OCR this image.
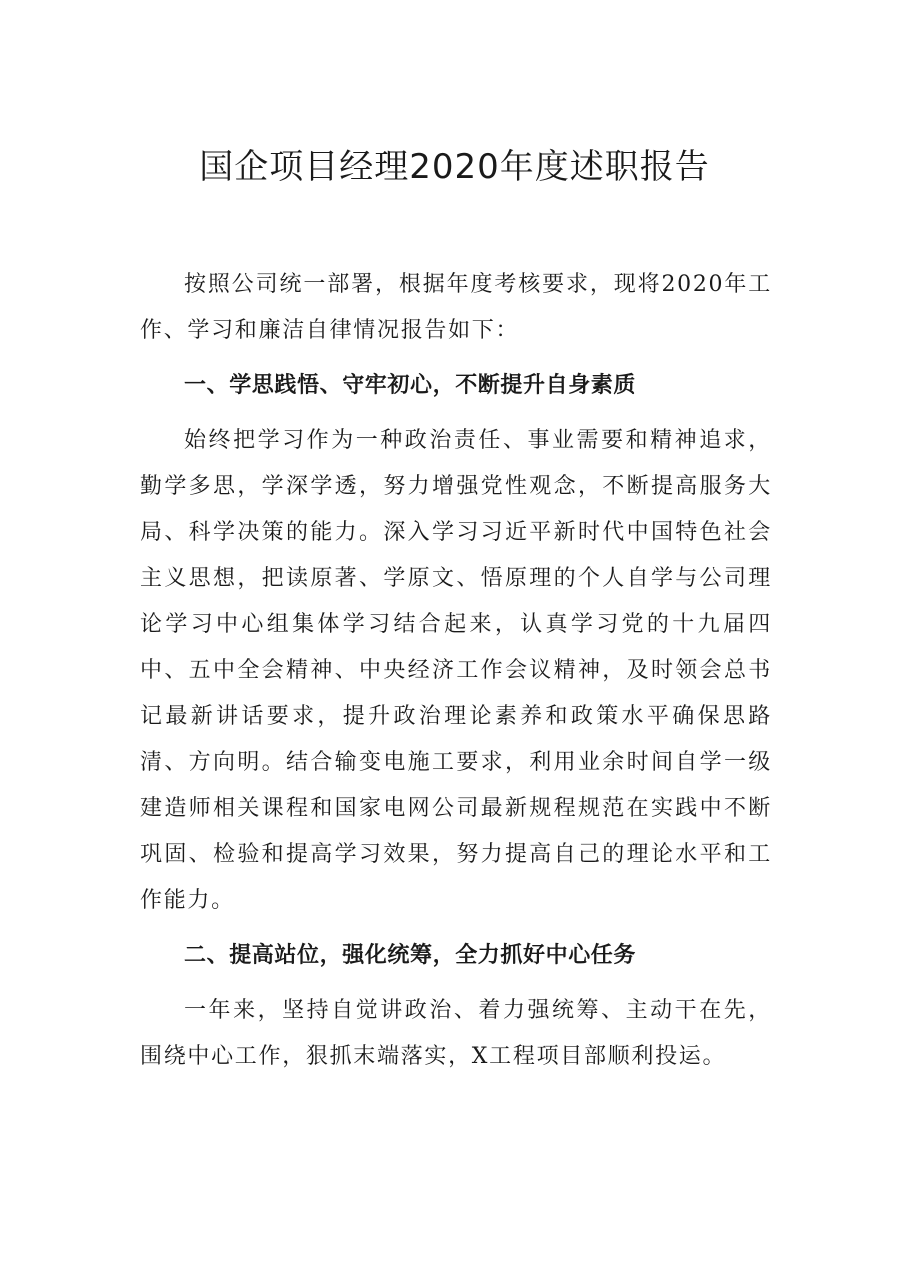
国企项目经理2020年度述职报告

按照公司统一部署，根据年度考核要求，现将2020年工作、学习和廉洁自律情况报告如下：

一、学思践悟、守牢初心，不断提升自身素质

始终把学习作为一种政治责任、事业需要和精神追求，勤学多思，学深学透，努力增强党性观念，不断提高服务大局、科学决策的能力。深入学习习近平新时代中国特色社会主义思想，把读原著、学原文、悟原理的个人自学与公司理论学习中心组集体学习结合起来，认真学习党的十九届四中、五中全会精神、中央经济工作会议精神，及时领会总书记最新讲话要求，提升政治理论素养和政策水平确保思路清、方向明。结合输变电施工要求，利用业余时间自学一级建造师相关课程和国家电网公司最新规程规范在实践中不断巩固、检验和提高学习效果，努力提高自己的理论水平和工作能力。

二、提高站位，强化统筹，全力抓好中心任务

一年来，坚持自觉讲政治、着力强统筹、主动干在先，围绕中心工作，狠抓末端落实，X工程项目部顺利投运。
